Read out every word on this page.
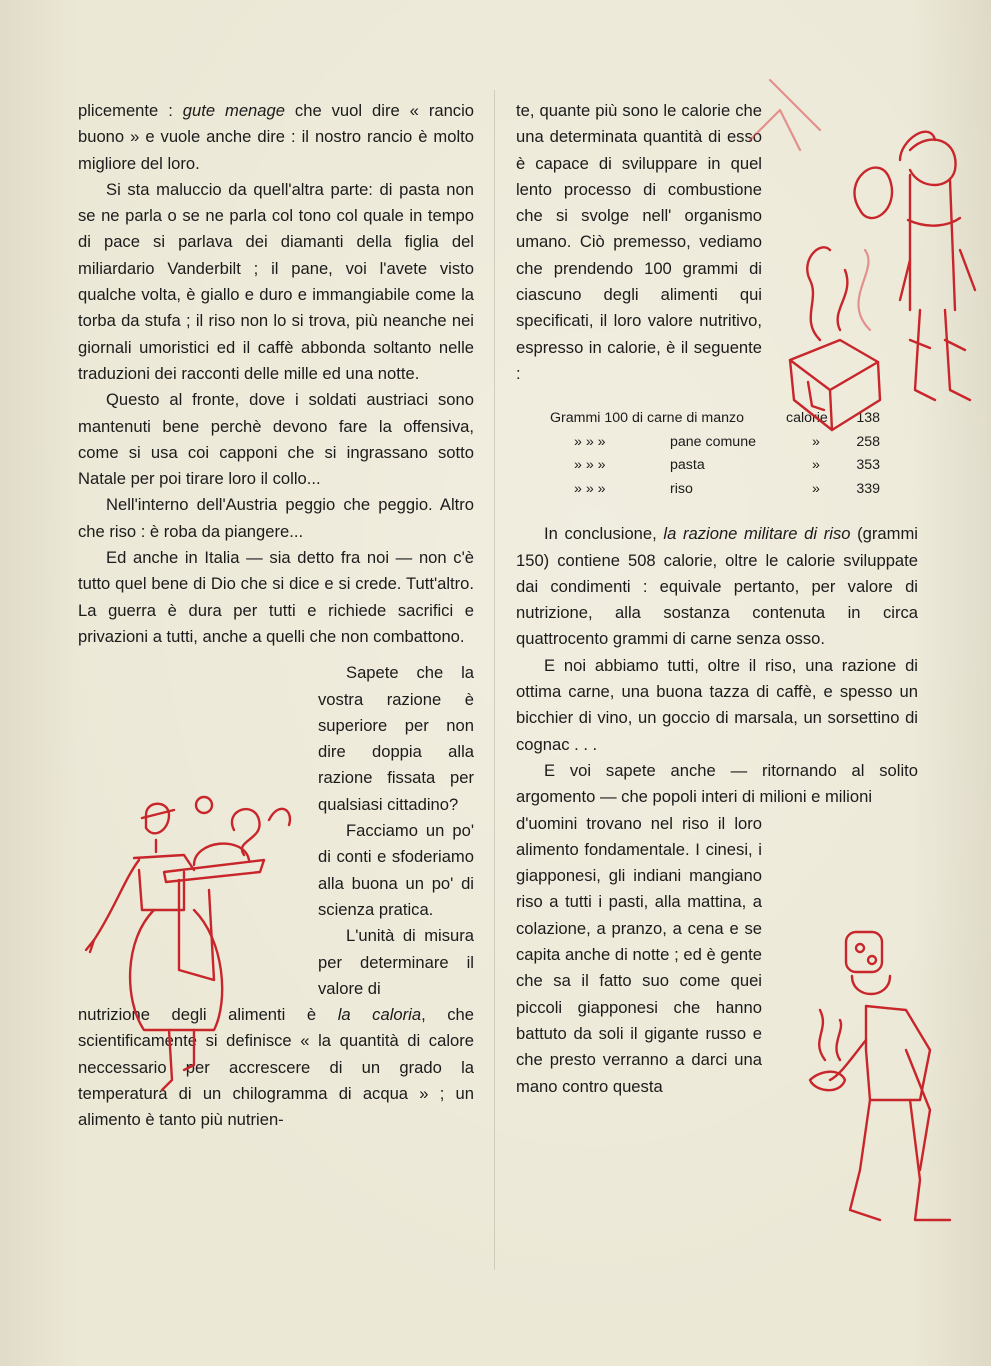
plicemente : gute menage che vuol dire « rancio buono » e vuole anche dire : il nostro rancio è molto migliore del loro.

Si sta maluccio da quell'altra parte: di pasta non se ne parla o se ne parla col tono col quale in tempo di pace si parlava dei diamanti della figlia del miliardario Vanderbilt ; il pane, voi l'avete visto qualche volta, è giallo e duro e immangiabile come la torba da stufa ; il riso non lo si trova, più neanche nei giornali umoristici ed il caffè abbonda soltanto nelle traduzioni dei racconti delle mille ed una notte.

Questo al fronte, dove i soldati austriaci sono mantenuti bene perchè devono fare la offensiva, come si usa coi capponi che si ingrassano sotto Natale per poi tirare loro il collo...

Nell'interno dell'Austria peggio che peggio. Altro che riso : è roba da piangere...

Ed anche in Italia — sia detto fra noi — non c'è tutto quel bene di Dio che si dice e si crede. Tutt'altro. La guerra è dura per tutti e richiede sacrifici e privazioni a tutti, anche a quelli che non combattono.

Sapete che la vostra razione è superiore per non dire doppia alla razione fissata per qualsiasi cittadino?

Facciamo un po' di conti e sfoderiamo alla buona un po' di scienza pratica.

L'unità di misura per determinare il valore di

nutrizione degli alimenti è la caloria, che scientificamente si definisce « la quantità di calore neccessario per accrescere di un grado la temperatura di un chilogramma di acqua » ; un alimento è tanto più nutrien-

te, quante più sono le calorie che una determinata quantità di esso è capace di sviluppare in quel lento processo di combustione che si svolge nell' organismo umano. Ciò premesso, vediamo che prendendo 100 grammi di ciascuno degli alimenti qui specificati, il loro valore nutritivo, espresso in calorie, è il seguente :

Grammi 100 di carne di manzo	calorie	138
» » »	pane comune	»	258
» » »	pasta	»	353
» » »	riso	»	339

In conclusione, la razione militare di riso (grammi 150) contiene 508 calorie, oltre le calorie sviluppate dai condimenti : equivale pertanto, per valore di nutrizione, alla sostanza contenuta in circa quattrocento grammi di carne senza osso.

E noi abbiamo tutti, oltre il riso, una razione di ottima carne, una buona tazza di caffè, e spesso un bicchier di vino, un goccio di marsala, un sorsettino di cognac . . .

E voi sapete anche — ritornando al solito argomento — che popoli interi di milioni e milioni

d'uomini trovano nel riso il loro alimento fondamentale. I cinesi, i giapponesi, gli indiani mangiano riso a tutti i pasti, alla mattina, a colazione, a pranzo, a cena e se capita anche di notte ; ed è gente che sa il fatto suo come quei piccoli giapponesi che hanno battuto da soli il gigante russo e che presto verranno a darci una mano contro questa
